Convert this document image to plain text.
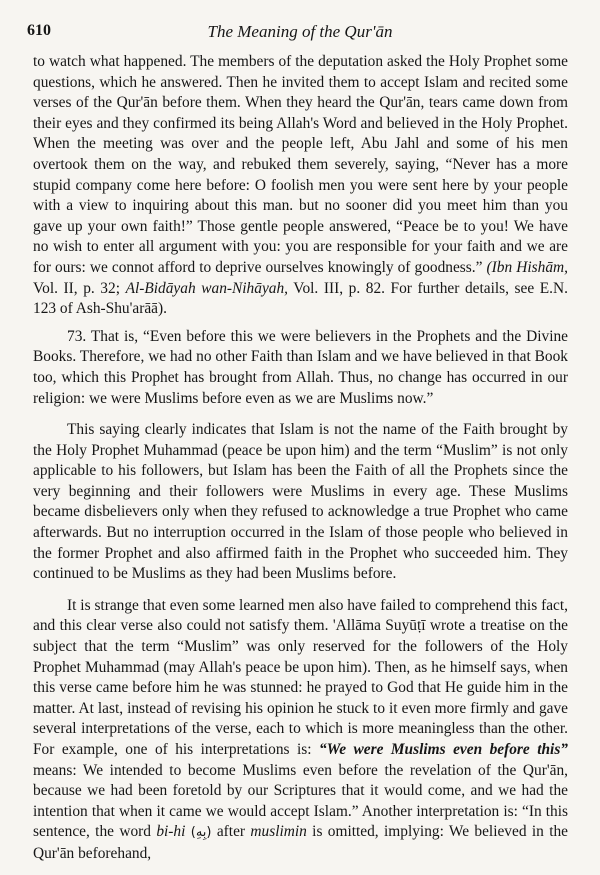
610	The Meaning of the Qur'ān

to watch what happened. The members of the deputation asked the Holy Prophet some questions, which he answered. Then he invited them to accept Islam and recited some verses of the Qur'ān before them. When they heard the Qur'ān, tears came down from their eyes and they confirmed its being Allah's Word and believed in the Holy Prophet. When the meeting was over and the people left, Abu Jahl and some of his men overtook them on the way, and rebuked them severely, saying, “Never has a more stupid company come here before: O foolish men you were sent here by your people with a view to inquiring about this man. but no sooner did you meet him than you gave up your own faith!” Those gentle people answered, “Peace be to you! We have no wish to enter all argument with you: you are responsible for your faith and we are for ours: we connot afford to deprive ourselves knowingly of goodness.” (Ibn Hishām, Vol. II, p. 32; Al-Bidāyah wan-Nihāyah, Vol. III, p. 82. For further details, see E.N. 123 of Ash-Shu'arāā).

73. That is, “Even before this we were believers in the Prophets and the Divine Books. Therefore, we had no other Faith than Islam and we have believed in that Book too, which this Prophet has brought from Allah. Thus, no change has occurred in our religion: we were Muslims before even as we are Muslims now.”

This saying clearly indicates that Islam is not the name of the Faith brought by the Holy Prophet Muhammad (peace be upon him) and the term “Muslim” is not only applicable to his followers, but Islam has been the Faith of all the Prophets since the very beginning and their followers were Muslims in every age. These Muslims became disbelievers only when they refused to acknowledge a true Prophet who came afterwards. But no interruption occurred in the Islam of those people who believed in the former Prophet and also affirmed faith in the Prophet who succeeded him. They continued to be Muslims as they had been Muslims before.

It is strange that even some learned men also have failed to comprehend this fact, and this clear verse also could not satisfy them. 'Allāma Suyūṭī wrote a treatise on the subject that the term “Muslim” was only reserved for the followers of the Holy Prophet Muhammad (may Allah's peace be upon him). Then, as he himself says, when this verse came before him he was stunned: he prayed to God that He guide him in the matter. At last, instead of revising his opinion he stuck to it even more firmly and gave several interpretations of the verse, each to which is more meaningless than the other. For example, one of his interpretations is: “We were Muslims even before this” means: We intended to become Muslims even before the revelation of the Qur'ān, because we had been foretold by our Scriptures that it would come, and we had the intention that when it came we would accept Islam.” Another interpretation is: “In this sentence, the word bi-hi (بِهِ) after muslimin is omitted, implying: We believed in the Qur'ān beforehand,
